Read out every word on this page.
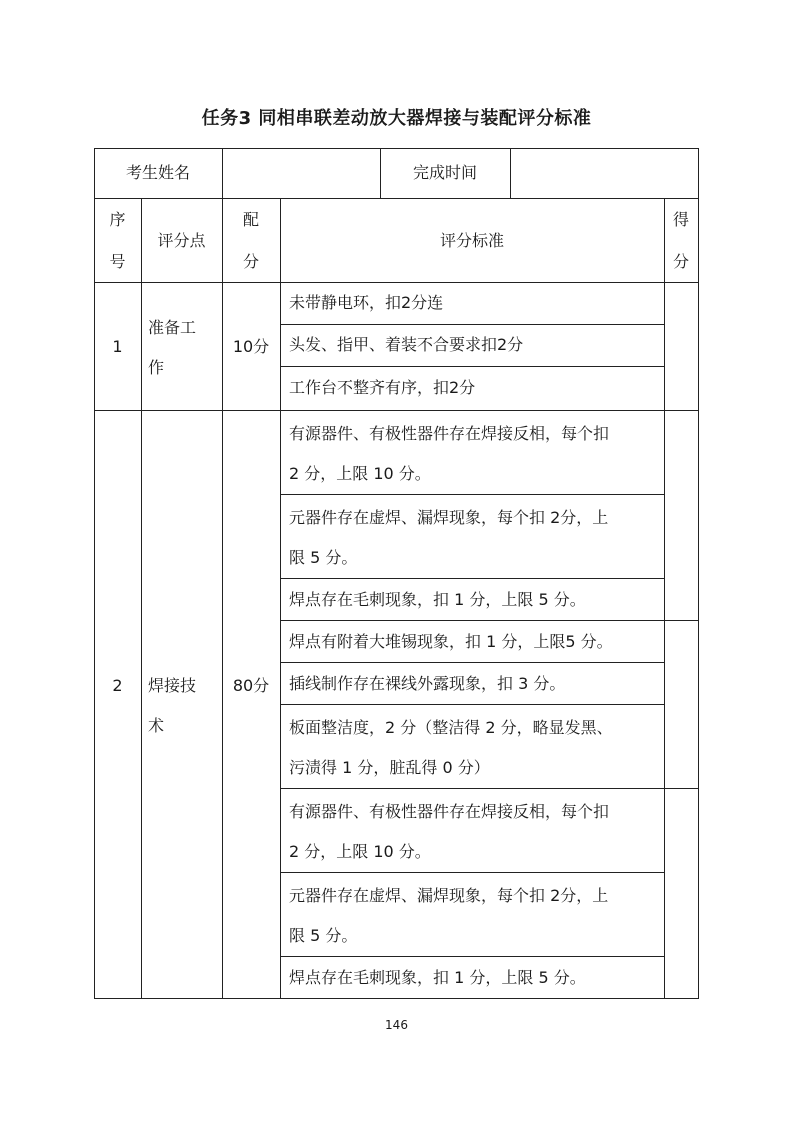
任务3 同相串联差动放大器焊接与装配评分标准
考生姓名	完成时间
序
号
评分点
配
分
评分标准
得
分
1
准备工
作
10分
未带静电环，扣2分连
头发、指甲、着装不合要求扣2分
工作台不整齐有序，扣2分
2	焊接技
术
80分
有源器件、有极性器件存在焊接反相，每个扣
2 分，上限 10 分。
元器件存在虚焊、漏焊现象，每个扣 2分，上
限 5 分。
焊点存在毛刺现象，扣 1 分，上限 5 分。
焊点有附着大堆锡现象，扣 1 分，上限5 分。
插线制作存在裸线外露现象，扣 3 分。
板面整洁度，2 分（整洁得 2 分，略显发黑、
污渍得 1 分，脏乱得 0 分）
有源器件、有极性器件存在焊接反相，每个扣
2 分，上限 10 分。
元器件存在虚焊、漏焊现象，每个扣 2分，上
限 5 分。
焊点存在毛刺现象，扣 1 分，上限 5 分。
146
